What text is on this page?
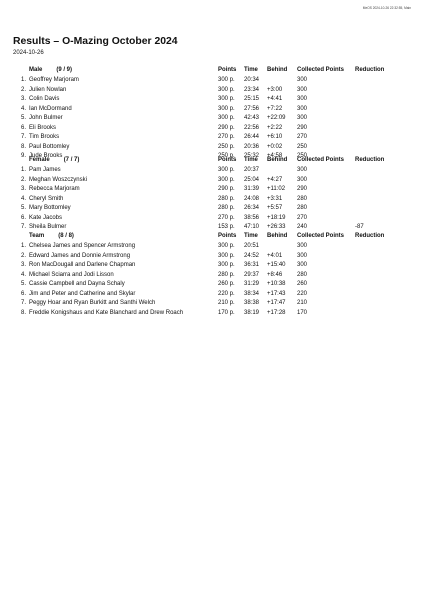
MeOS 2024-10-26 22:32:55, Main
Results – O-Mazing October 2024
2024-10-26
	Male (9 / 9)	Points	Time	Behind	Collected Points	Reduction
1.	Geoffrey Marjoram	300 p.	20:34		300	
2.	Julien Nowlan	300 p.	23:34	+3:00	300	
3.	Colin Davis	300 p.	25:15	+4:41	300	
4.	Ian McDormand	300 p.	27:56	+7:22	300	
5.	John Bulmer	300 p.	42:43	+22:09	300	
6.	Eli Brooks	290 p.	22:56	+2:22	290	
7.	Tim Brooks	270 p.	26:44	+6:10	270	
8.	Paul Bottomley	250 p.	20:36	+0:02	250	
9.	Jude Brooks	250 p.	25:32	+4:58	250	
	Female (7 / 7)	Points	Time	Behind	Collected Points	Reduction
1.	Pam James	300 p.	20:37		300	
2.	Meghan Woszczynski	300 p.	25:04	+4:27	300	
3.	Rebecca Marjoram	290 p.	31:39	+11:02	290	
4.	Cheryl Smith	280 p.	24:08	+3:31	280	
5.	Mary Bottomley	280 p.	26:34	+5:57	280	
6.	Kate Jacobs	270 p.	38:56	+18:19	270	
7.	Sheila Bulmer	153 p.	47:10	+26:33	240	-87
	Team (8 / 8)	Points	Time	Behind	Collected Points	Reduction
1.	Chelsea James and Spencer Armstrong	300 p.	20:51		300	
2.	Edward James and Donnie Armstrong	300 p.	24:52	+4:01	300	
3.	Ron MacDougall and Darlene Chapman	300 p.	36:31	+15:40	300	
4.	Michael Sciarra and Jodi Lisson	280 p.	29:37	+8:46	280	
5.	Cassie Campbell and Dayna Schaly	260 p.	31:29	+10:38	260	
6.	Jim and Peter and Catherine and Skylar	220 p.	38:34	+17:43	220	
7.	Peggy Hoar and Ryan Burkitt and Santhi Welch	210 p.	38:38	+17:47	210	
8.	Freddie Konigshaus and Kate Blanchard and Drew Roach	170 p.	38:19	+17:28	170	
